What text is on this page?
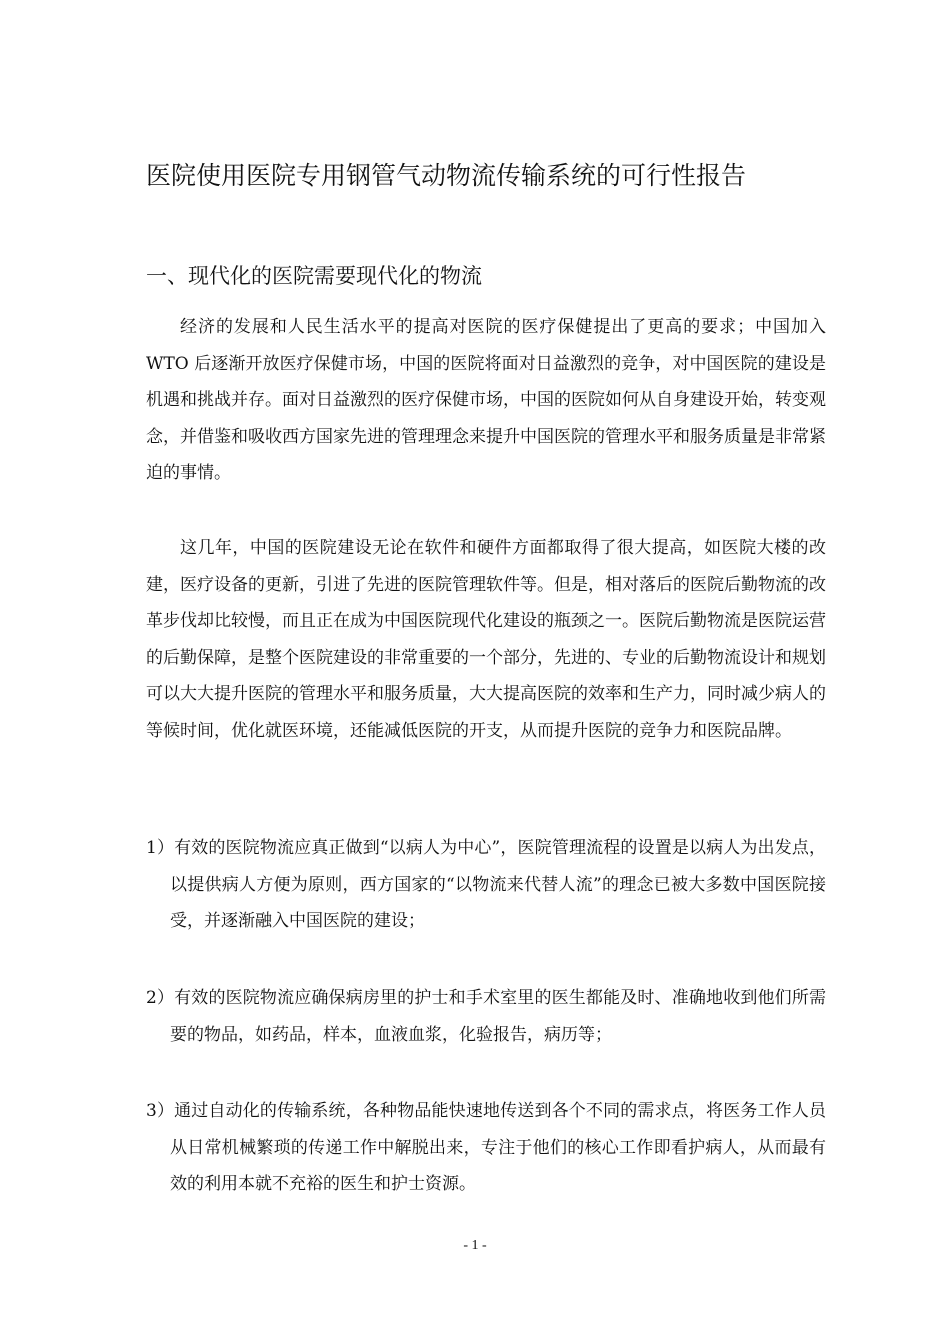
医院使用医院专用钢管气动物流传输系统的可行性报告
一、现代化的医院需要现代化的物流

经济的发展和人民生活水平的提高对医院的医疗保健提出了更高的要求；中国加入 WTO 后逐渐开放医疗保健市场，中国的医院将面对日益激烈的竞争，对中国医院的建设是机遇和挑战并存。面对日益激烈的医疗保健市场，中国的医院如何从自身建设开始，转变观念，并借鉴和吸收西方国家先进的管理理念来提升中国医院的管理水平和服务质量是非常紧迫的事情。

这几年，中国的医院建设无论在软件和硬件方面都取得了很大提高，如医院大楼的改建，医疗设备的更新，引进了先进的医院管理软件等。但是，相对落后的医院后勤物流的改革步伐却比较慢，而且正在成为中国医院现代化建设的瓶颈之一。医院后勤物流是医院运营的后勤保障，是整个医院建设的非常重要的一个部分，先进的、专业的后勤物流设计和规划可以大大提升医院的管理水平和服务质量，大大提高医院的效率和生产力，同时减少病人的等候时间，优化就医环境，还能减低医院的开支，从而提升医院的竞争力和医院品牌。

1）有效的医院物流应真正做到“以病人为中心”，医院管理流程的设置是以病人为出发点，以提供病人方便为原则，西方国家的“以物流来代替人流”的理念已被大多数中国医院接受，并逐渐融入中国医院的建设；

2）有效的医院物流应确保病房里的护士和手术室里的医生都能及时、准确地收到他们所需要的物品，如药品，样本，血液血浆，化验报告，病历等；

3）通过自动化的传输系统，各种物品能快速地传送到各个不同的需求点，将医务工作人员从日常机械繁琐的传递工作中解脱出来，专注于他们的核心工作即看护病人，从而最有效的利用本就不充裕的医生和护士资源。

- 1 -
